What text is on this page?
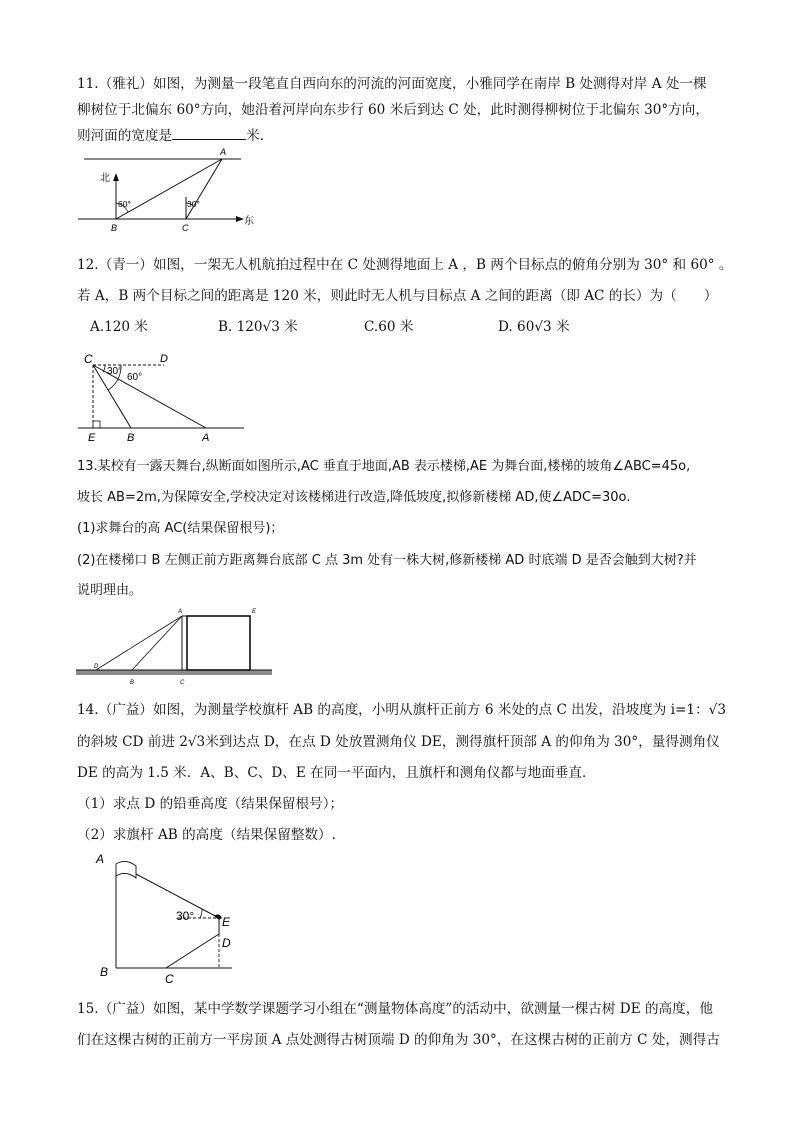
11.（雅礼）如图，为测量一段笔直自西向东的河流的河面宽度，小雅同学在南岸 B 处测得对岸 A 处一棵
柳树位于北偏东 60°方向，她沿着河岸向东步行 60 米后到达 C 处，此时测得柳树位于北偏东 30°方向，
则河面的宽度是	米.
北
东
60°	30°
A
B	C
12.（青一）如图，一架无人机航拍过程中在 C 处测得地面上 A ，B 两个目标点的俯角分别为 30° 和 60° 。
若 A，B 两个目标之间的距离是 120 米，则此时无人机与目标点 A 之间的距离（即 AC 的长）为（　　）
A.120 米	B. 120√3 米	C.60 米	D. 60√3 米
C	D
30°
60°
E	B	A
13.某校有一露天舞台,纵断面如图所示,AC 垂直于地面,AB 表示楼梯,AE 为舞台面,楼梯的坡角∠ABC=45o,
坡长 AB=2m,为保障安全,学校决定对该楼梯进行改造,降低坡度,拟修新楼梯 AD,使∠ADC=30o.
(1)求舞台的高 AC(结果保留根号)；
(2)在楼梯口 B 左侧正前方距离舞台底部 C 点 3m 处有一株大树,修新楼梯 AD 时底端 D 是否会触到大树?并
说明理由。
A	E
D
B	C
14.（广益）如图，为测量学校旗杆 AB 的高度，小明从旗杆正前方 6 米处的点 C 出发，沿坡度为 i=1：√3
的斜坡 CD 前进 2√3米到达点 D，在点 D 处放置测角仪 DE，测得旗杆顶部 A 的仰角为 30°，量得测角仪
DE 的高为 1.5 米．A、B、C、D、E 在同一平面内，且旗杆和测角仪都与地面垂直．
（1）求点 D 的铅垂高度（结果保留根号）；
（2）求旗杆 AB 的高度（结果保留整数）.
A
B	C
D
E
30°
15.（广益）如图，某中学数学课题学习小组在“测量物体高度”的活动中，欲测量一棵古树 DE 的高度，他
们在这棵古树的正前方一平房顶 A 点处测得古树顶端 D 的仰角为 30°，在这棵古树的正前方 C 处，测得古
